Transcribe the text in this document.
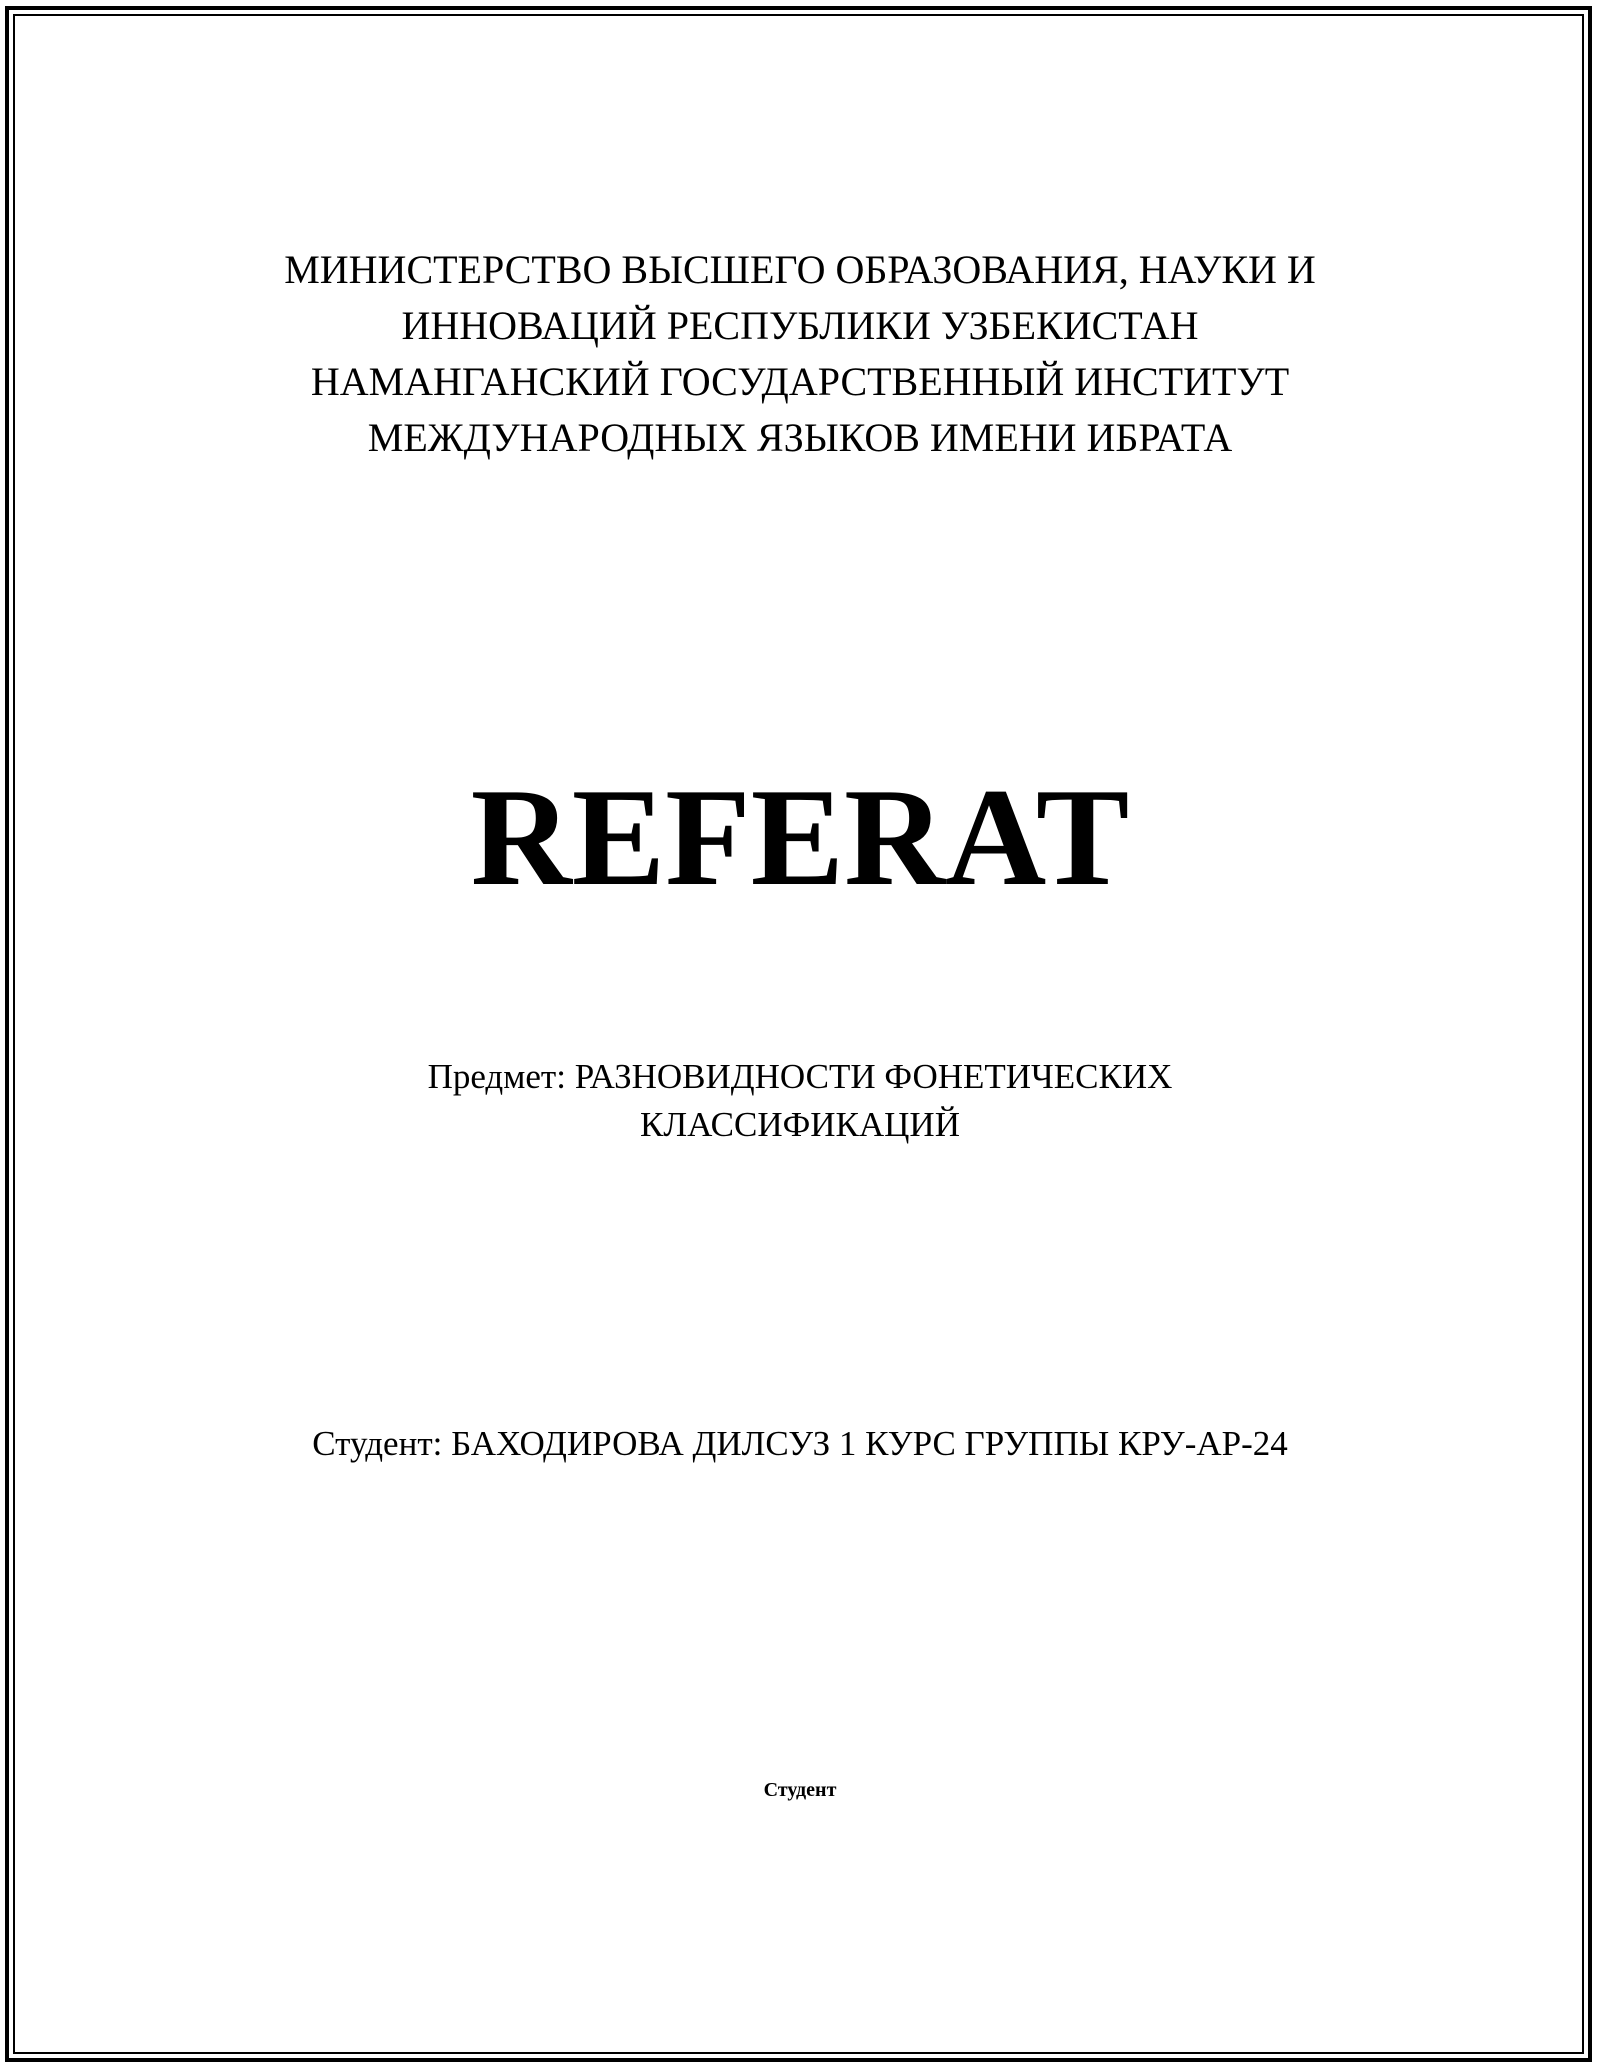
МИНИСТЕРСТВО ВЫСШЕГО ОБРАЗОВАНИЯ, НАУКИ И
ИННОВАЦИЙ РЕСПУБЛИКИ УЗБЕКИСТАН
НАМАНГАНСКИЙ ГОСУДАРСТВЕННЫЙ ИНСТИТУТ
МЕЖДУНАРОДНЫХ ЯЗЫКОВ ИМЕНИ ИБРАТА
REFERAT
Предмет: РАЗНОВИДНОСТИ ФОНЕТИЧЕСКИХ
КЛАССИФИКАЦИЙ
Студент: БАХОДИРОВА ДИЛСУЗ 1 КУРС ГРУППЫ КРУ-АР-24
Студент
